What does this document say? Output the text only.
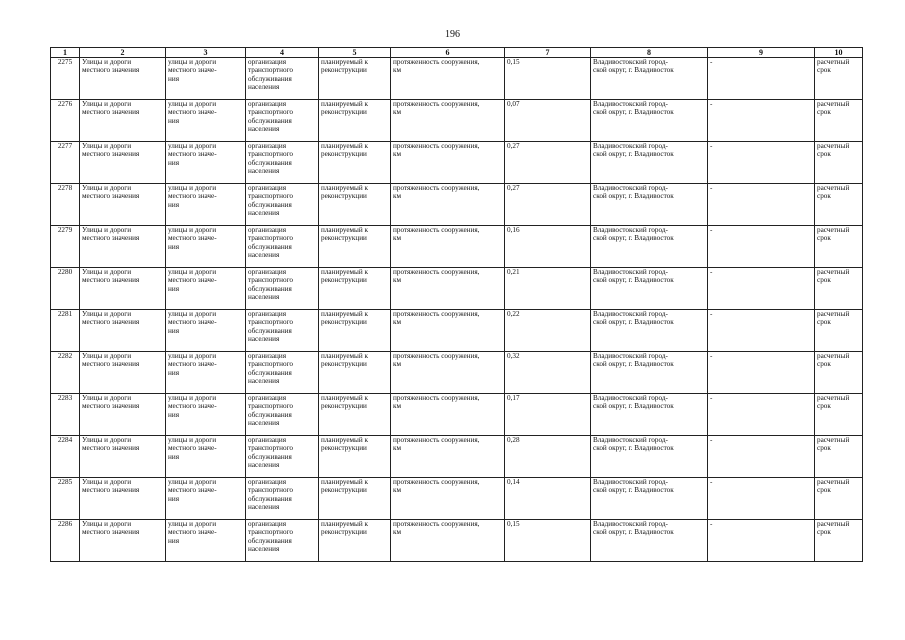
196
1	2	3	4	5	6	7	8	9	10

2275	Улицы и дороги
местного значения	улицы и дороги
местного значе-
ния	организация
транспортного
обслуживания
населения	планируемый к
реконструкции	протяженность сооружения,
км	0,15	Владивостокский город-
ской округ, г. Владивосток	-	расчетный
срок

2276	Улицы и дороги
местного значения	улицы и дороги
местного значе-
ния	организация
транспортного
обслуживания
населения	планируемый к
реконструкции	протяженность сооружения,
км	0,07	Владивостокский город-
ской округ, г. Владивосток	-	расчетный
срок

2277	Улицы и дороги
местного значения	улицы и дороги
местного значе-
ния	организация
транспортного
обслуживания
населения	планируемый к
реконструкции	протяженность сооружения,
км	0,27	Владивостокский город-
ской округ, г. Владивосток	-	расчетный
срок

2278	Улицы и дороги
местного значения	улицы и дороги
местного значе-
ния	организация
транспортного
обслуживания
населения	планируемый к
реконструкции	протяженность сооружения,
км	0,27	Владивостокский город-
ской округ, г. Владивосток	-	расчетный
срок

2279	Улицы и дороги
местного значения	улицы и дороги
местного значе-
ния	организация
транспортного
обслуживания
населения	планируемый к
реконструкции	протяженность сооружения,
км	0,16	Владивостокский город-
ской округ, г. Владивосток	-	расчетный
срок

2280	Улицы и дороги
местного значения	улицы и дороги
местного значе-
ния	организация
транспортного
обслуживания
населения	планируемый к
реконструкции	протяженность сооружения,
км	0,21	Владивостокский город-
ской округ, г. Владивосток	-	расчетный
срок

2281	Улицы и дороги
местного значения	улицы и дороги
местного значе-
ния	организация
транспортного
обслуживания
населения	планируемый к
реконструкции	протяженность сооружения,
км	0,22	Владивостокский город-
ской округ, г. Владивосток	-	расчетный
срок

2282	Улицы и дороги
местного значения	улицы и дороги
местного значе-
ния	организация
транспортного
обслуживания
населения	планируемый к
реконструкции	протяженность сооружения,
км	0,32	Владивостокский город-
ской округ, г. Владивосток	-	расчетный
срок

2283	Улицы и дороги
местного значения	улицы и дороги
местного значе-
ния	организация
транспортного
обслуживания
населения	планируемый к
реконструкции	протяженность сооружения,
км	0,17	Владивостокский город-
ской округ, г. Владивосток	-	расчетный
срок

2284	Улицы и дороги
местного значения	улицы и дороги
местного значе-
ния	организация
транспортного
обслуживания
населения	планируемый к
реконструкции	протяженность сооружения,
км	0,28	Владивостокский город-
ской округ, г. Владивосток	-	расчетный
срок

2285	Улицы и дороги
местного значения	улицы и дороги
местного значе-
ния	организация
транспортного
обслуживания
населения	планируемый к
реконструкции	протяженность сооружения,
км	0,14	Владивостокский город-
ской округ, г. Владивосток	-	расчетный
срок

2286	Улицы и дороги
местного значения	улицы и дороги
местного значе-
ния	организация
транспортного
обслуживания
населения	планируемый к
реконструкции	протяженность сооружения,
км	0,15	Владивостокский город-
ской округ, г. Владивосток	-	расчетный
срок
